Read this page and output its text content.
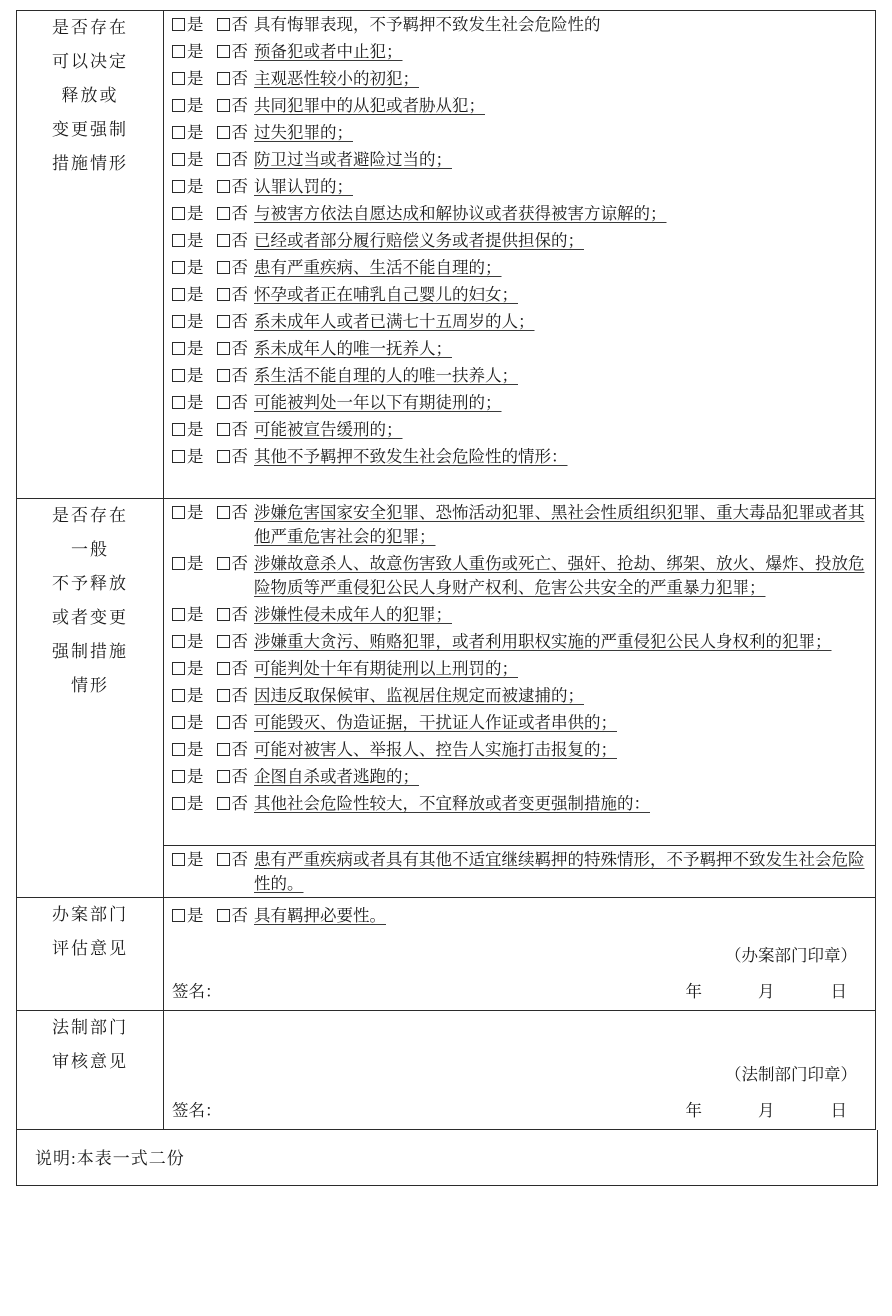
是否存在
可以决定
释放或
变更强制
措施情形

是 否 具有悔罪表现，不予羁押不致发生社会危险性的
是 否 预备犯或者中止犯；
是 否 主观恶性较小的初犯；
是 否 共同犯罪中的从犯或者胁从犯；
是 否 过失犯罪的；
是 否 防卫过当或者避险过当的；
是 否 认罪认罚的；
是 否 与被害方依法自愿达成和解协议或者获得被害方谅解的；
是 否 已经或者部分履行赔偿义务或者提供担保的；
是 否 患有严重疾病、生活不能自理的；
是 否 怀孕或者正在哺乳自己婴儿的妇女；
是 否 系未成年人或者已满七十五周岁的人；
是 否 系未成年人的唯一抚养人；
是 否 系生活不能自理的人的唯一扶养人；
是 否 可能被判处一年以下有期徒刑的；
是 否 可能被宣告缓刑的；
是 否 其他不予羁押不致发生社会危险性的情形：

是否存在
一般
不予释放
或者变更
强制措施
情形

是 否 涉嫌危害国家安全犯罪、恐怖活动犯罪、黑社会性质组织犯罪、重大毒品犯罪或者其他严重危害社会的犯罪；
是 否 涉嫌故意杀人、故意伤害致人重伤或死亡、强奸、抢劫、绑架、放火、爆炸、投放危险物质等严重侵犯公民人身财产权利、危害公共安全的严重暴力犯罪；
是 否 涉嫌性侵未成年人的犯罪；
是 否 涉嫌重大贪污、贿赂犯罪，或者利用职权实施的严重侵犯公民人身权利的犯罪；
是 否 可能判处十年有期徒刑以上刑罚的；
是 否 因违反取保候审、监视居住规定而被逮捕的；
是 否 可能毁灭、伪造证据，干扰证人作证或者串供的；
是 否 可能对被害人、举报人、控告人实施打击报复的；
是 否 企图自杀或者逃跑的；
是 否 其他社会危险性较大，不宜释放或者变更强制措施的：
是 否 患有严重疾病或者具有其他不适宜继续羁押的特殊情形，不予羁押不致发生社会危险性的。

办案部门
评估意见

是 否 具有羁押必要性。
（办案部门印章）
签名：	年	月	日

法制部门
审核意见

（法制部门印章）
签名：	年	月	日
说明:本表一式二份
